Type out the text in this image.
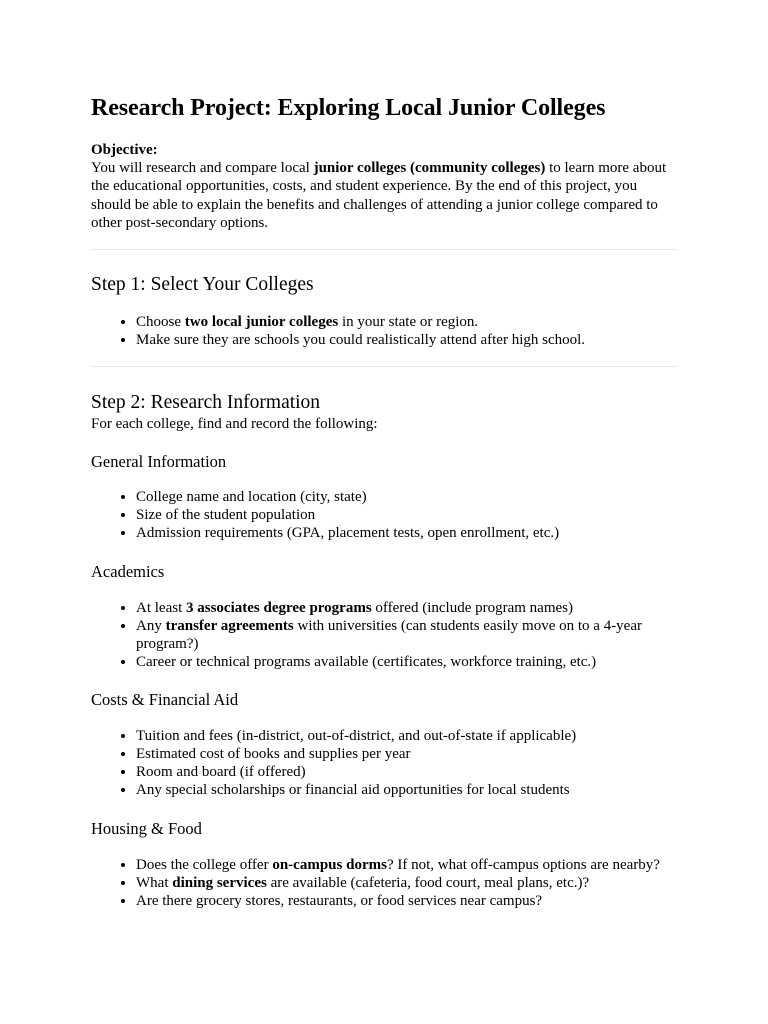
Research Project: Exploring Local Junior Colleges
Objective:
You will research and compare local junior colleges (community colleges) to learn more about the educational opportunities, costs, and student experience. By the end of this project, you should be able to explain the benefits and challenges of attending a junior college compared to other post-secondary options.
Step 1: Select Your Colleges
• Choose two local junior colleges in your state or region.
• Make sure they are schools you could realistically attend after high school.
Step 2: Research Information

For each college, find and record the following:

General Information
• College name and location (city, state)
• Size of the student population
• Admission requirements (GPA, placement tests, open enrollment, etc.)
Academics
• At least 3 associates degree programs offered (include program names)
• Any transfer agreements with universities (can students easily move on to a 4-year program?)
• Career or technical programs available (certificates, workforce training, etc.)
Costs & Financial Aid
• Tuition and fees (in-district, out-of-district, and out-of-state if applicable)
• Estimated cost of books and supplies per year
• Room and board (if offered)
• Any special scholarships or financial aid opportunities for local students
Housing & Food
• Does the college offer on-campus dorms? If not, what off-campus options are nearby?
• What dining services are available (cafeteria, food court, meal plans, etc.)?
• Are there grocery stores, restaurants, or food services near campus?
